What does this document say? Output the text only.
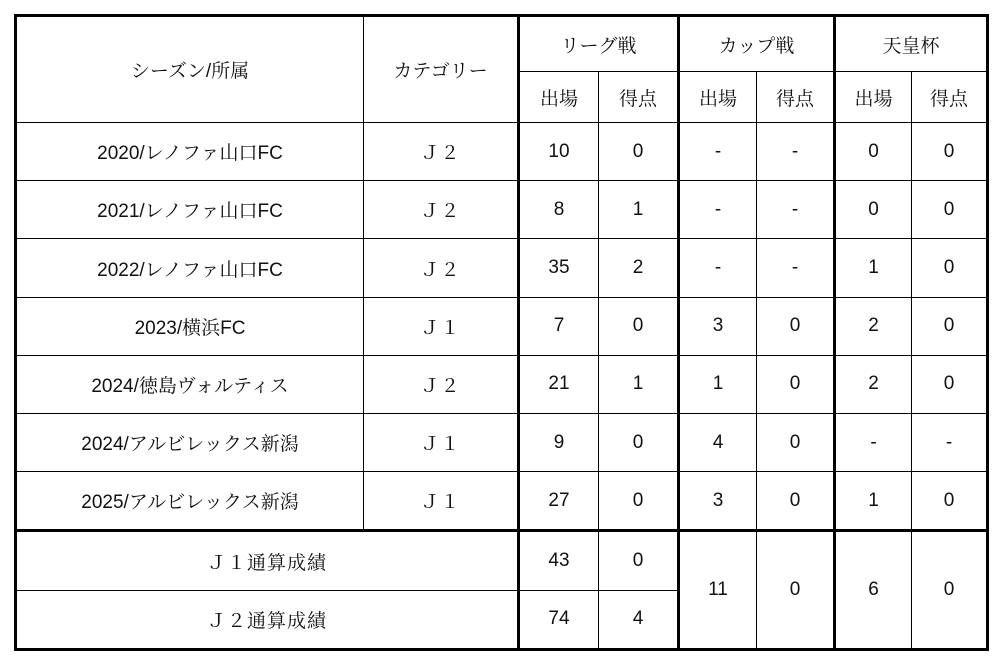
シーズン/所属	カテゴリー	リーグ戦		カップ戦		天皇杯	
		出場	得点	出場	得点	出場	得点
2020/レノファ山口FC	Ｊ２	10	0	-	-	0	0
2021/レノファ山口FC	Ｊ２	8	1	-	-	0	0
2022/レノファ山口FC	Ｊ２	35	2	-	-	1	0
2023/横浜FC	Ｊ１	7	0	3	0	2	0
2024/徳島ヴォルティス	Ｊ２	21	1	1	0	2	0
2024/アルビレックス新潟	Ｊ１	9	0	4	0	-	-
2025/アルビレックス新潟	Ｊ１	27	0	3	0	1	0
Ｊ１通算成績		43	0	11	0	6	0
Ｊ２通算成績		74	4				
